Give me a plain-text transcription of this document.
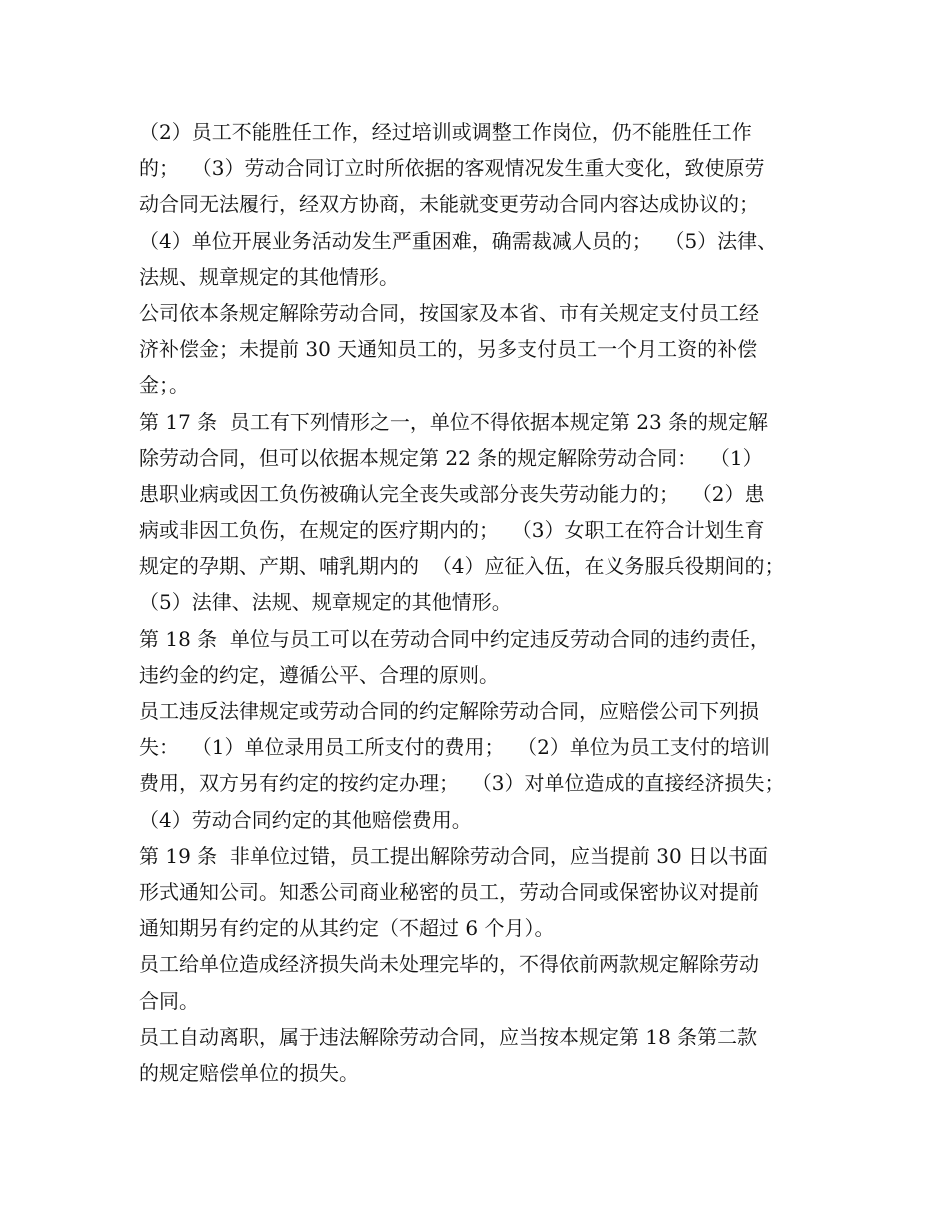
（2）员工不能胜任工作，经过培训或调整工作岗位，仍不能胜任工作
的；  （3）劳动合同订立时所依据的客观情况发生重大变化，致使原劳
动合同无法履行，经双方协商，未能就变更劳动合同内容达成协议的；
（4）单位开展业务活动发生严重困难，确需裁减人员的；  （5）法律、
法规、规章规定的其他情形。
公司依本条规定解除劳动合同，按国家及本省、市有关规定支付员工经
济补偿金；未提前 30 天通知员工的，另多支付员工一个月工资的补偿
金；。
第 17 条  员工有下列情形之一，单位不得依据本规定第 23 条的规定解
除劳动合同，但可以依据本规定第 22 条的规定解除劳动合同：  （1）
患职业病或因工负伤被确认完全丧失或部分丧失劳动能力的；  （2）患
病或非因工负伤，在规定的医疗期内的；  （3）女职工在符合计划生育
规定的孕期、产期、哺乳期内的  （4）应征入伍，在义务服兵役期间的；
（5）法律、法规、规章规定的其他情形。
第 18 条  单位与员工可以在劳动合同中约定违反劳动合同的违约责任，
违约金的约定，遵循公平、合理的原则。
员工违反法律规定或劳动合同的约定解除劳动合同，应赔偿公司下列损
失：  （1）单位录用员工所支付的费用；  （2）单位为员工支付的培训
费用，双方另有约定的按约定办理；  （3）对单位造成的直接经济损失；
（4）劳动合同约定的其他赔偿费用。
第 19 条  非单位过错，员工提出解除劳动合同，应当提前 30 日以书面
形式通知公司。知悉公司商业秘密的员工，劳动合同或保密协议对提前
通知期另有约定的从其约定（不超过 6 个月）。
员工给单位造成经济损失尚未处理完毕的，不得依前两款规定解除劳动
合同。
员工自动离职，属于违法解除劳动合同，应当按本规定第 18 条第二款
的规定赔偿单位的损失。
